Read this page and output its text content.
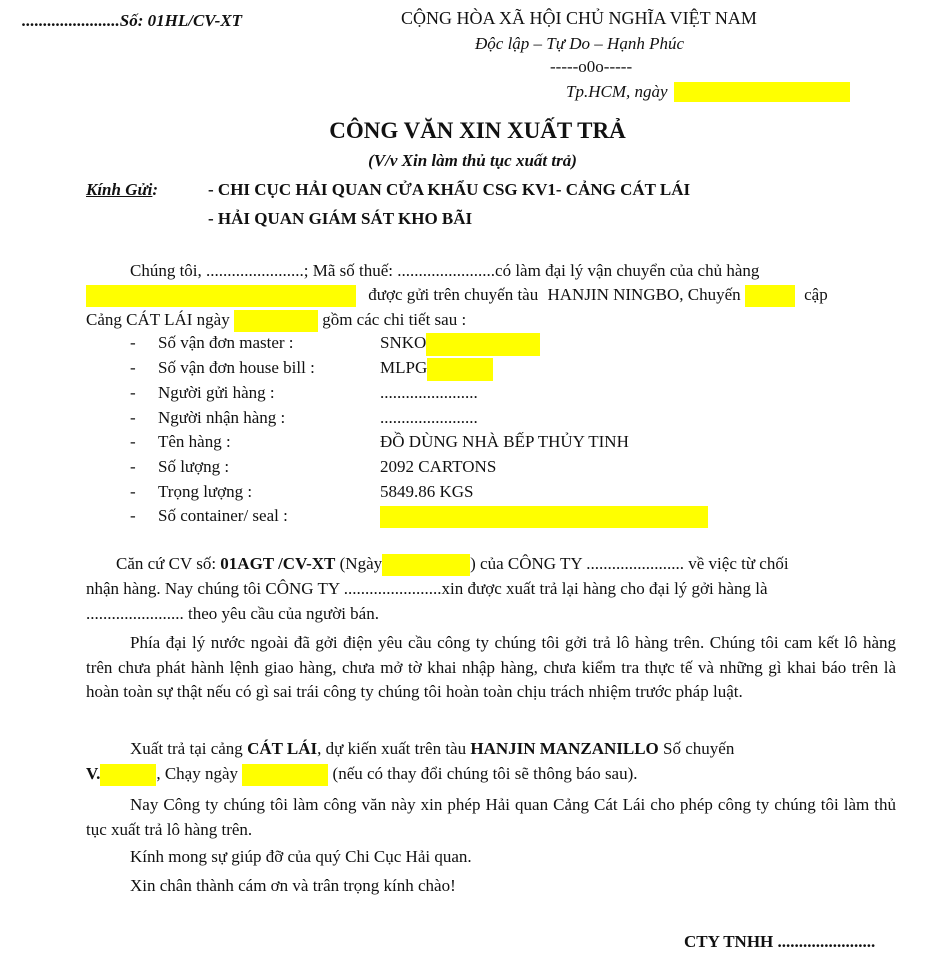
.......................Số: 01HL/CV-XT	CỘNG HÒA XÃ HỘI CHỦ NGHĨA VIỆT NAM
Độc lập – Tự Do – Hạnh Phúc
-----o0o-----
Tp.HCM, ngày
CÔNG VĂN XIN XUẤT TRẢ
(V/v Xin làm thủ tục xuất trả)
Kính Gửi:	- CHI CỤC HẢI QUAN CỬA KHẨU CSG KV1- CẢNG CÁT LÁI
- HẢI QUAN GIÁM SÁT KHO BÃI
Chúng tôi, .......................; Mã số thuế: .......................có làm đại lý vận chuyển của chủ hàng
được gửi trên chuyến tàu HANJIN NINGBO, Chuyến	cập
Cảng CÁT LÁI ngày	gồm các chi tiết sau :
- Số vận đơn master :	SNKO
- Số vận đơn house bill :	MLPG
- Người gửi hàng :	.......................
- Người nhận hàng :	.......................
- Tên hàng :	ĐỒ DÙNG NHÀ BẾP THỦY TINH
- Số lượng :	2092 CARTONS
- Trọng lượng :	5849.86 KGS
- Số container/ seal :
Căn cứ CV số: 01AGT /CV-XT (Ngày	) của CÔNG TY ....................... về việc từ chối
nhận hàng. Nay chúng tôi CÔNG TY .......................xin được xuất trả lại hàng cho đại lý gởi hàng là
....................... theo yêu cầu của người bán.
Phía đại lý nước ngoài đã gởi điện yêu cầu công ty chúng tôi gởi trả lô hàng trên. Chúng tôi cam kết lô hàng trên chưa phát hành lệnh giao hàng, chưa mở tờ khai nhập hàng, chưa kiểm tra thực tế và những gì khai báo trên là hoàn toàn sự thật nếu có gì sai trái công ty chúng tôi hoàn toàn chịu trách nhiệm trước pháp luật.
Xuất trả tại cảng CÁT LÁI, dự kiến xuất trên tàu HANJIN MANZANILLO Số chuyến
V.	, Chạy ngày	(nếu có thay đổi chúng tôi sẽ thông báo sau).
Nay Công ty chúng tôi làm công văn này xin phép Hải quan Cảng Cát Lái cho phép công ty chúng tôi làm thủ tục xuất trả lô hàng trên.
Kính mong sự giúp đỡ của quý Chi Cục Hải quan.
Xin chân thành cám ơn và trân trọng kính chào!
CTY TNHH .......................
